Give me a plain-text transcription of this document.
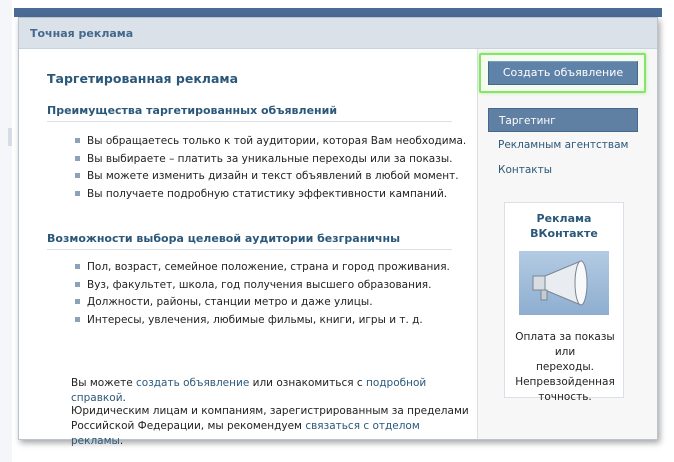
Точная реклама
Таргетированная реклама
Преимущества таргетированных объявлений
Вы обращаетесь только к той аудитории, которая Вам необходима.
Вы выбираете – платить за уникальные переходы или за показы.
Вы можете изменить дизайн и текст объявлений в любой момент.
Вы получаете подробную статистику эффективности кампаний.
Возможности выбора целевой аудитории безграничны
Пол, возраст, семейное положение, страна и город проживания.
Вуз, факультет, школа, год получения высшего образования.
Должности, районы, станции метро и даже улицы.
Интересы, увлечения, любимые фильмы, книги, игры и т. д.
Вы можете создать объявление или ознакомиться с подробной справкой.
Юридическим лицам и компаниям, зарегистрированным за пределами
Российской Федерации, мы рекомендуем связаться с отделом рекламы.
Таргетинг
Рекламным агентствам
Контакты
Реклама
ВКонтакте
Оплата за показы или
переходы.
Непревзойденная
точность.
Создать объявление
